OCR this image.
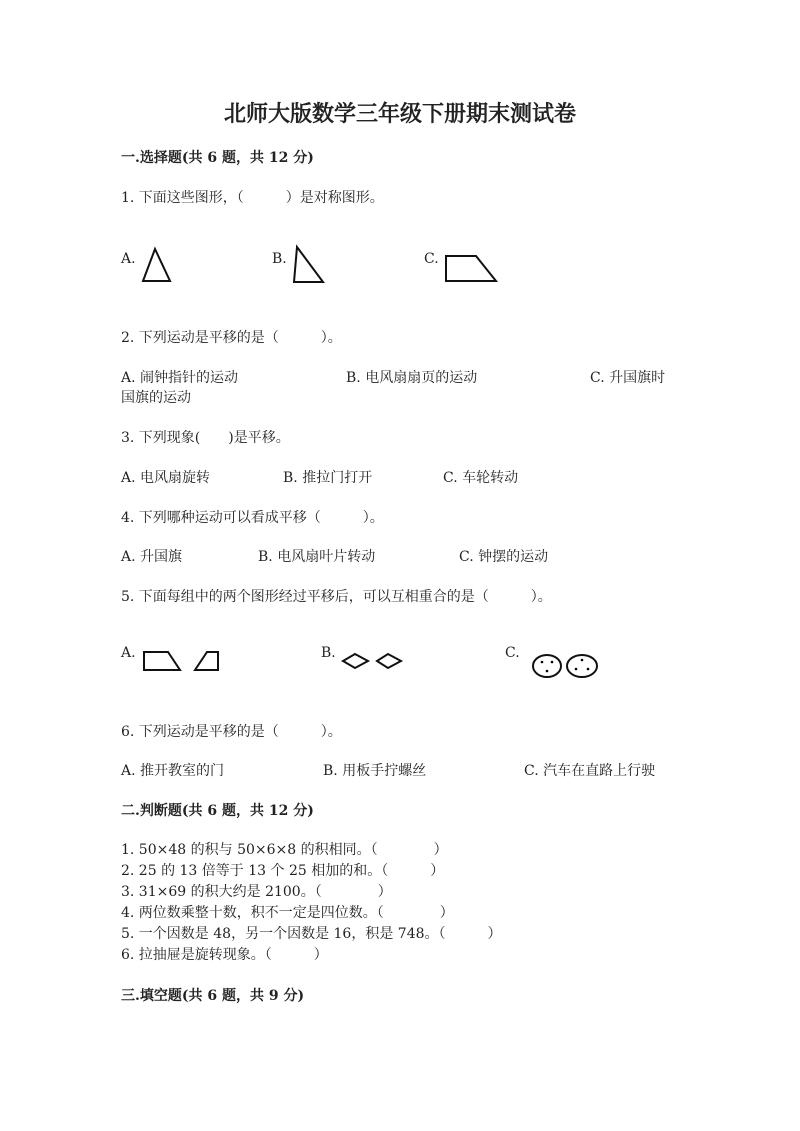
北师大版数学三年级下册期末测试卷
一.选择题(共 6 题，共 12 分)
1. 下面这些图形，（　　　）是对称图形。
A.	B.	C.
2. 下列运动是平移的是（　　　）。
A. 闹钟指针的运动	B. 电风扇扇页的运动	C. 升国旗时
国旗的运动
3. 下列现象(　　)是平移。
A. 电风扇旋转	B. 推拉门打开	C. 车轮转动
4. 下列哪种运动可以看成平移（　　　）。
A. 升国旗	B. 电风扇叶片转动	C. 钟摆的运动
5. 下面每组中的两个图形经过平移后，可以互相重合的是（　　　）。
A.	B.	C.
6. 下列运动是平移的是（　　　）。
A. 推开教室的门	B. 用板手拧螺丝	C. 汽车在直路上行驶
二.判断题(共 6 题，共 12 分)
1. 50×48 的积与 50×6×8 的积相同。（　　　　）
2. 25 的 13 倍等于 13 个 25 相加的和。（　　　）
3. 31×69 的积大约是 2100。（　　　　）
4. 两位数乘整十数，积不一定是四位数。（　　　　）
5. 一个因数是 48，另一个因数是 16，积是 748。（　　　）
6. 拉抽屉是旋转现象。（　　　）
三.填空题(共 6 题，共 9 分)
